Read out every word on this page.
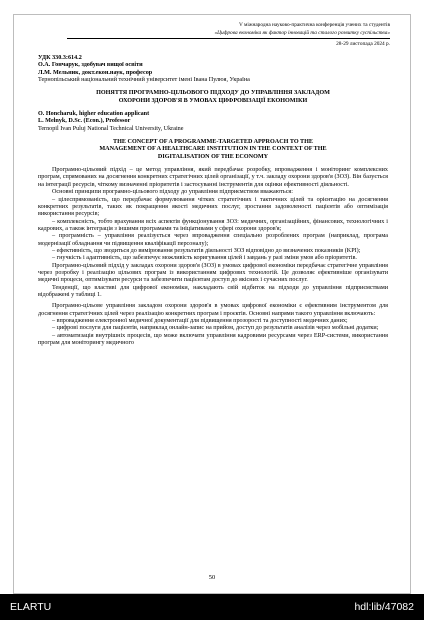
V міжнародна науково-практична конференція учених та студентів
«Цифрова економіка як фактор інновацій та сталого розвитку суспільства»
28-29 листопада 2024 р.
УДК 330.3:614.2
О.А. Гончарук, здобувач вищої освіти
Л.М. Мельник, докт.екон.наук, професор
Тернопільський національний технічний університет імені Івана Пулюя, Україна
ПОНЯТТЯ ПРОГРАМНО-ЦІЛЬОВОГО ПІДХОДУ ДО УПРАВЛІННЯ ЗАКЛАДОМ
ОХОРОНИ ЗДОРОВ'Я В УМОВАХ ЦИФРОВІЗАЦІЇ ЕКОНОМІКИ
O. Honcharuk, higher education applicant
L. Melnyk, D.Sc. (Econ.), Professor
Ternopil Ivan Puluj National Technical University, Ukraine
THE CONCEPT OF A PROGRAMME-TARGETED APPROACH TO THE
MANAGEMENT OF A HEALTHCARE INSTITUTION IN THE CONTEXT OF THE
DIGITALISATION OF THE ECONOMY
Програмно-цільовий підхід – це метод управління, який передбачає розробку, впровадження і моніторинг комплексних програм, спрямованих на досягнення конкретних стратегічних цілей організації, у т.ч. закладу охорони здоров'я (ЗОЗ). Він базується на інтеграції ресурсів, чіткому визначенні пріоритетів і застосуванні інструментів для оцінки ефективності діяльності.
Основні принципи програмно-цільового підходу до управління підприємством вважаються:
– цілеспрямованість, що передбачає формулювання чітких стратегічних і тактичних цілей та орієнтацію на досягнення конкретних результатів, таких як покращення якості медичних послуг, зростання задоволеності пацієнтів або оптимізація використання ресурсів;
– комплексність, тобто врахування всіх аспектів функціонування ЗОЗ: медичних, організаційних, фінансових, технологічних і кадрових, а також інтеграція з іншими програмами та ініціативами у сфері охорони здоров'я;
– програмність – управління реалізується через впровадження спеціально розроблених програм (наприклад, програма модернізації обладнання чи підвищення кваліфікації персоналу);
– ефективність, що зводиться до вимірювання результатів діяльності ЗОЗ відповідно до визначених показників (KPI);
– гнучкість і адаптивність, що забезпечує можливість коригування цілей і завдань у разі зміни умов або пріоритетів.
Програмно-цільовий підхід у закладах охорони здоров'я (ЗОЗ) в умовах цифрової економіки передбачає стратегічне управління через розробку і реалізацію цільових програм із використанням цифрових технологій. Це дозволяє ефективніше організувати медичні процеси, оптимізувати ресурси та забезпечити пацієнтам доступ до якісних і сучасних послуг.
Тенденції, що властиві для цифрової економіки, накладають свій відбиток на підходи до управління підприємствами відображені у таблиці 1.
Програмно-цільове управління закладом охорони здоров'я в умовах цифрової економіки є ефективним інструментом для досягнення стратегічних цілей через реалізацію конкретних програм і проєктів. Основні напрями такого управління включають:
– впровадження електронної медичної документації для підвищення прозорості та доступності медичних даних;
– цифрові послуги для пацієнтів, наприклад онлайн-запис на прийом, доступ до результатів аналізів через мобільні додатки;
– автоматизація внутрішніх процесів, що може включати управління кадровими ресурсами через ERP-системи, використання програм для моніторингу медичного
50
ELARTU	hdl:lib/47082
